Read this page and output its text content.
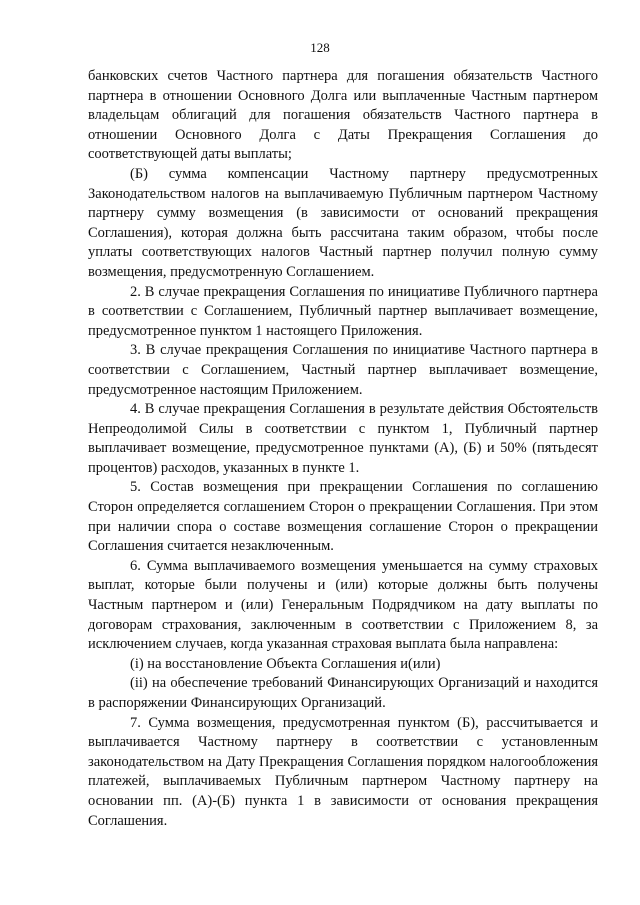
128

банковских счетов Частного партнера для погашения обязательств Частного партнера в отношении Основного Долга или выплаченные Частным партнером владельцам облигаций для погашения обязательств Частного партнера в отношении Основного Долга с Даты Прекращения Соглашения до соответствующей даты выплаты;

(Б) сумма компенсации Частному партнеру предусмотренных Законодательством налогов на выплачиваемую Публичным партнером Частному партнеру сумму возмещения (в зависимости от оснований прекращения Соглашения), которая должна быть рассчитана таким образом, чтобы после уплаты соответствующих налогов Частный партнер получил полную сумму возмещения, предусмотренную Соглашением.

2. В случае прекращения Соглашения по инициативе Публичного партнера в соответствии с Соглашением, Публичный партнер выплачивает возмещение, предусмотренное пунктом 1 настоящего Приложения.

3. В случае прекращения Соглашения по инициативе Частного партнера в соответствии с Соглашением, Частный партнер выплачивает возмещение, предусмотренное настоящим Приложением.

4. В случае прекращения Соглашения в результате действия Обстоятельств Непреодолимой Силы в соответствии с пунктом 1, Публичный партнер выплачивает возмещение, предусмотренное пунктами (А), (Б) и 50% (пятьдесят процентов) расходов, указанных в пункте 1.

5. Состав возмещения при прекращении Соглашения по соглашению Сторон определяется соглашением Сторон о прекращении Соглашения. При этом при наличии спора о составе возмещения соглашение Сторон о прекращении Соглашения считается незаключенным.

6. Сумма выплачиваемого возмещения уменьшается на сумму страховых выплат, которые были получены и (или) которые должны быть получены Частным партнером и (или) Генеральным Подрядчиком на дату выплаты по договорам страхования, заключенным в соответствии с Приложением 8, за исключением случаев, когда указанная страховая выплата была направлена:

(i) на восстановление Объекта Соглашения и(или)

(ii) на обеспечение требований Финансирующих Организаций и находится в распоряжении Финансирующих Организаций.

7. Сумма возмещения, предусмотренная пунктом (Б), рассчитывается и выплачивается Частному партнеру в соответствии с установленным законодательством на Дату Прекращения Соглашения порядком налогообложения платежей, выплачиваемых Публичным партнером Частному партнеру на основании пп. (А)-(Б) пункта 1 в зависимости от основания прекращения Соглашения.
